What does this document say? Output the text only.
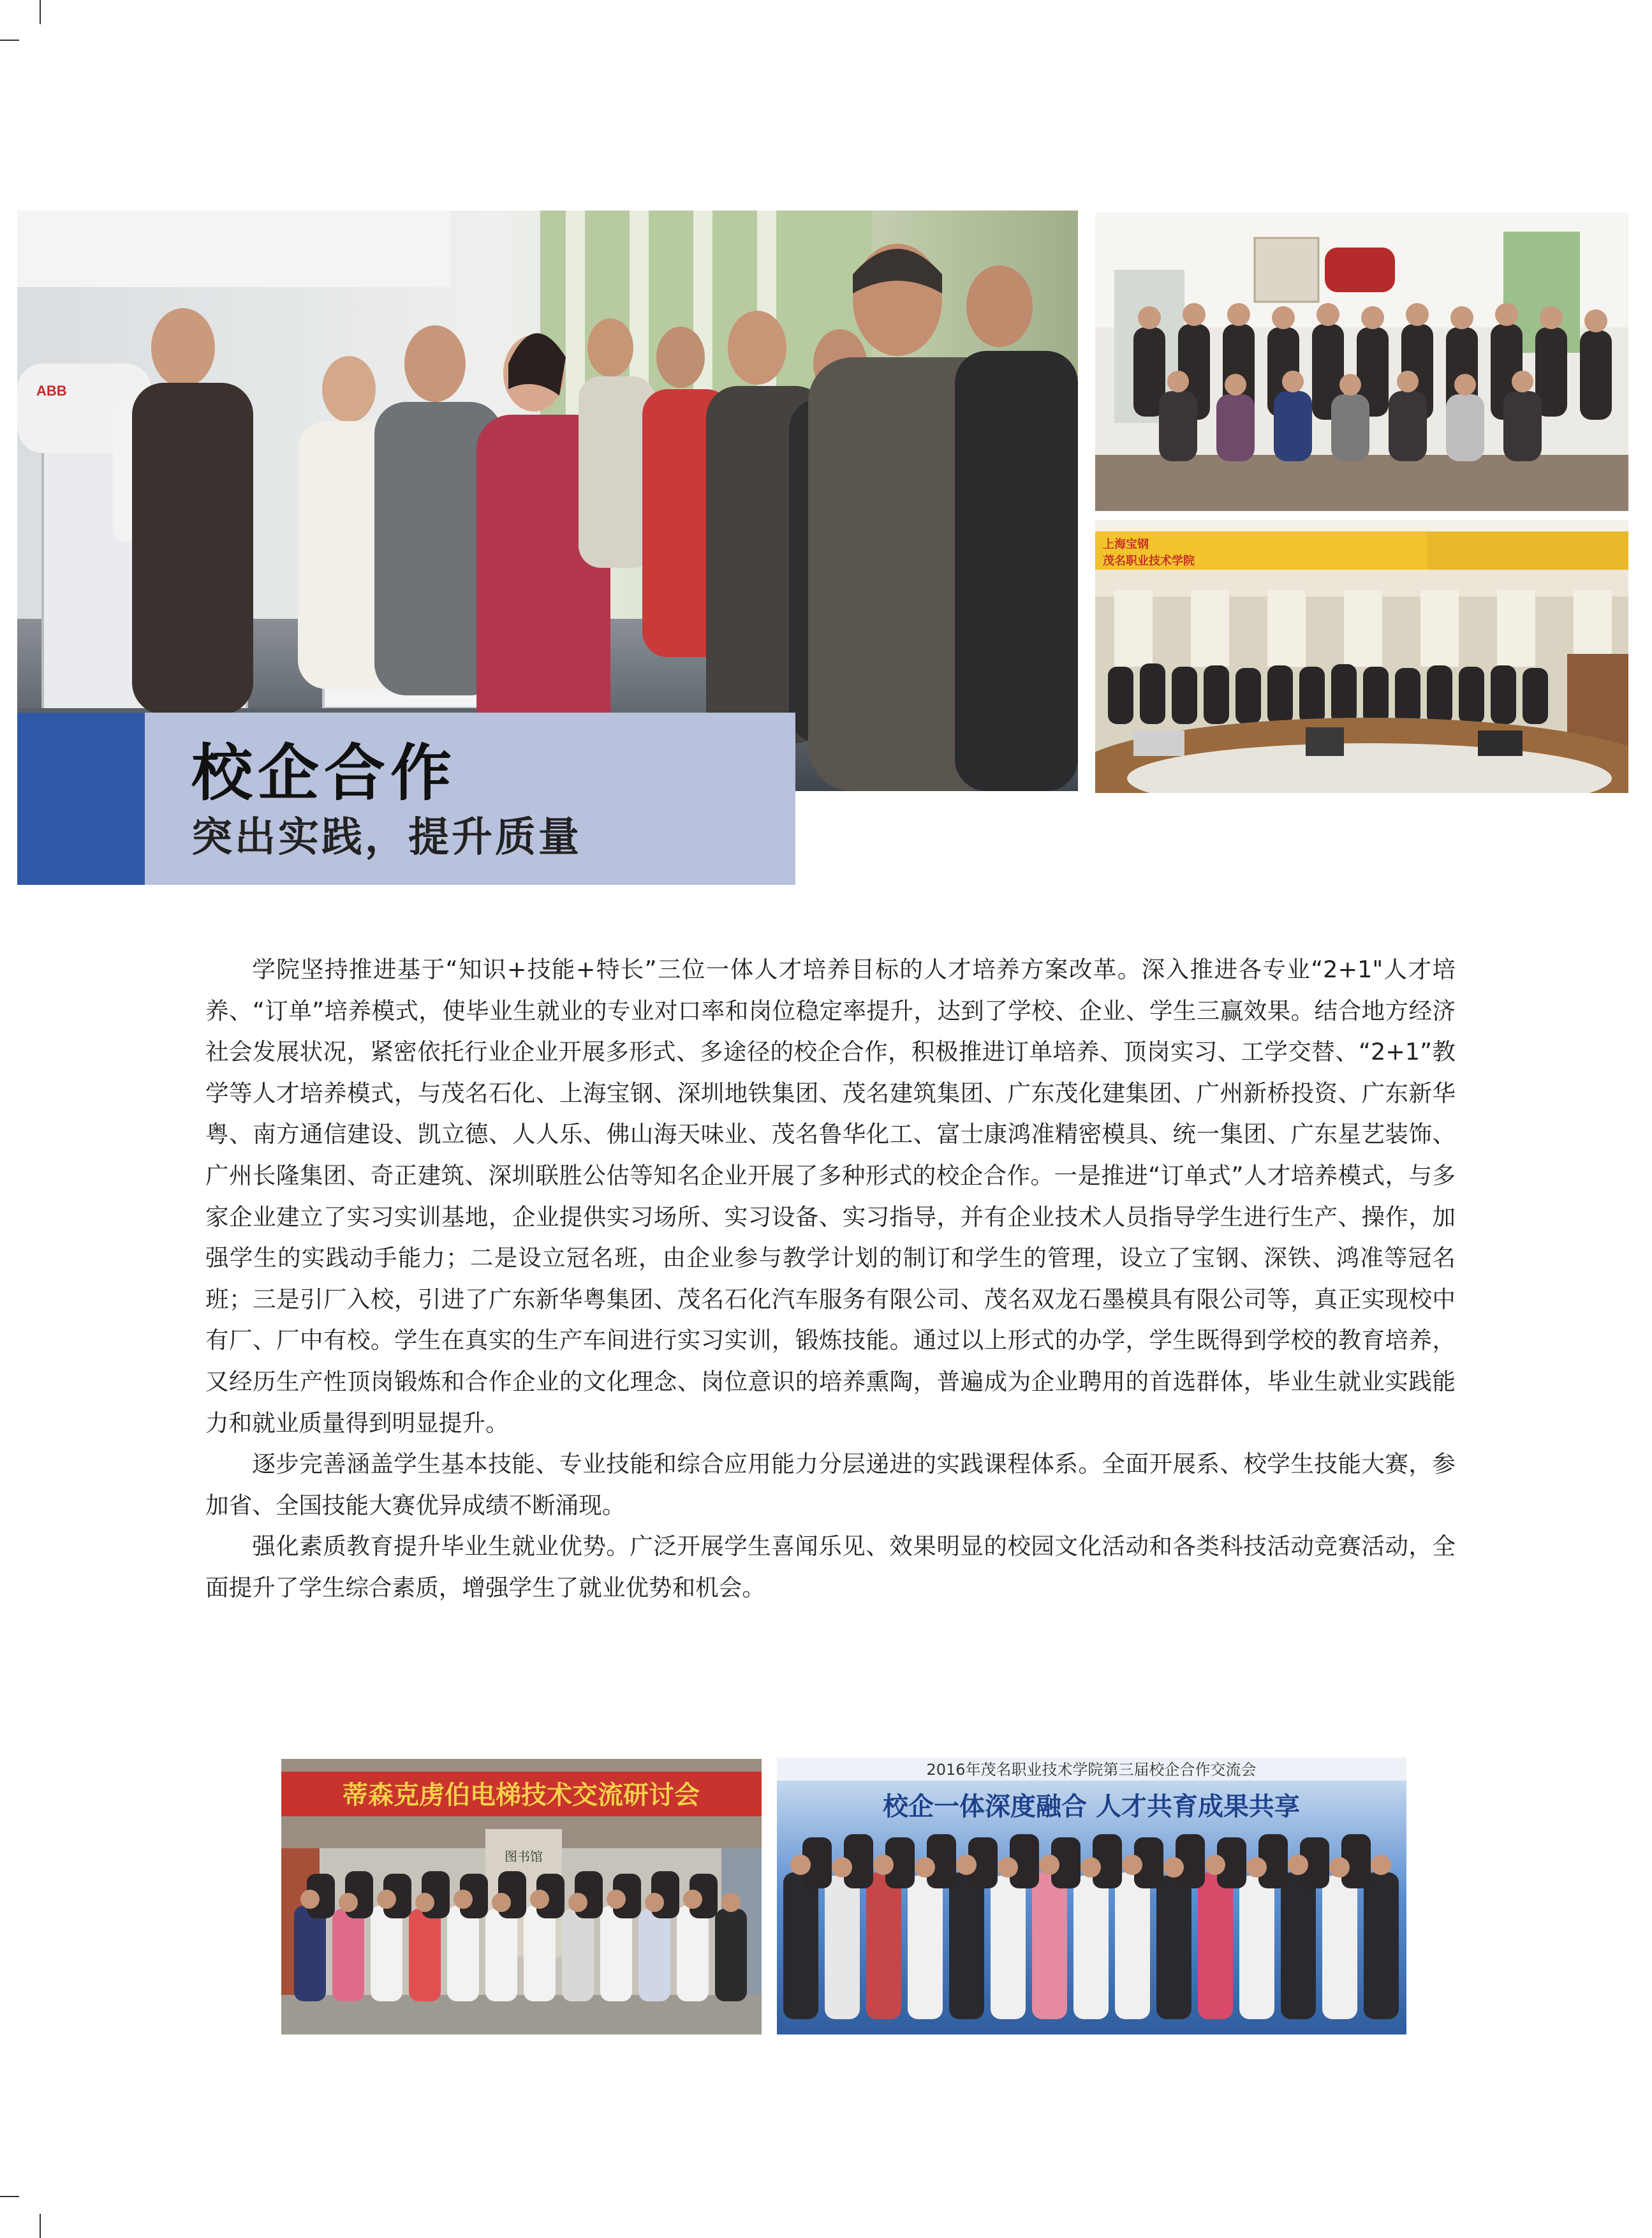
ABB
上海宝钢
茂名职业技术学院
校企合作
突出实践，提升质量

学院坚持推进基于“知识+技能+特长”三位一体人才培养目标的人才培养方案改革。深入推进各专业“2+1"人才培养、“订单”培养模式，使毕业生就业的专业对口率和岗位稳定率提升，达到了学校、企业、学生三赢效果。结合地方经济社会发展状况，紧密依托行业企业开展多形式、多途径的校企合作，积极推进订单培养、顶岗实习、工学交替、“2+1”教学等人才培养模式，与茂名石化、上海宝钢、深圳地铁集团、茂名建筑集团、广东茂化建集团、广州新桥投资、广东新华粤、南方通信建设、凯立德、人人乐、佛山海天味业、茂名鲁华化工、富士康鸿准精密模具、统一集团、广东星艺装饰、广州长隆集团、奇正建筑、深圳联胜公估等知名企业开展了多种形式的校企合作。一是推进“订单式”人才培养模式，与多家企业建立了实习实训基地，企业提供实习场所、实习设备、实习指导，并有企业技术人员指导学生进行生产、操作，加强学生的实践动手能力；二是设立冠名班，由企业参与教学计划的制订和学生的管理，设立了宝钢、深铁、鸿准等冠名班；三是引厂入校，引进了广东新华粤集团、茂名石化汽车服务有限公司、茂名双龙石墨模具有限公司等，真正实现校中有厂、厂中有校。学生在真实的生产车间进行实习实训，锻炼技能。通过以上形式的办学，学生既得到学校的教育培养，又经历生产性顶岗锻炼和合作企业的文化理念、岗位意识的培养熏陶，普遍成为企业聘用的首选群体，毕业生就业实践能力和就业质量得到明显提升。

逐步完善涵盖学生基本技能、专业技能和综合应用能力分层递进的实践课程体系。全面开展系、校学生技能大赛，参加省、全国技能大赛优异成绩不断涌现。

强化素质教育提升毕业生就业优势。广泛开展学生喜闻乐见、效果明显的校园文化活动和各类科技活动竞赛活动，全面提升了学生综合素质，增强学生了就业优势和机会。

蒂森克虏伯电梯技术交流研讨会
图书馆
2016年茂名职业技术学院第三届校企合作交流会
校企一体深度融合 人才共育成果共享
